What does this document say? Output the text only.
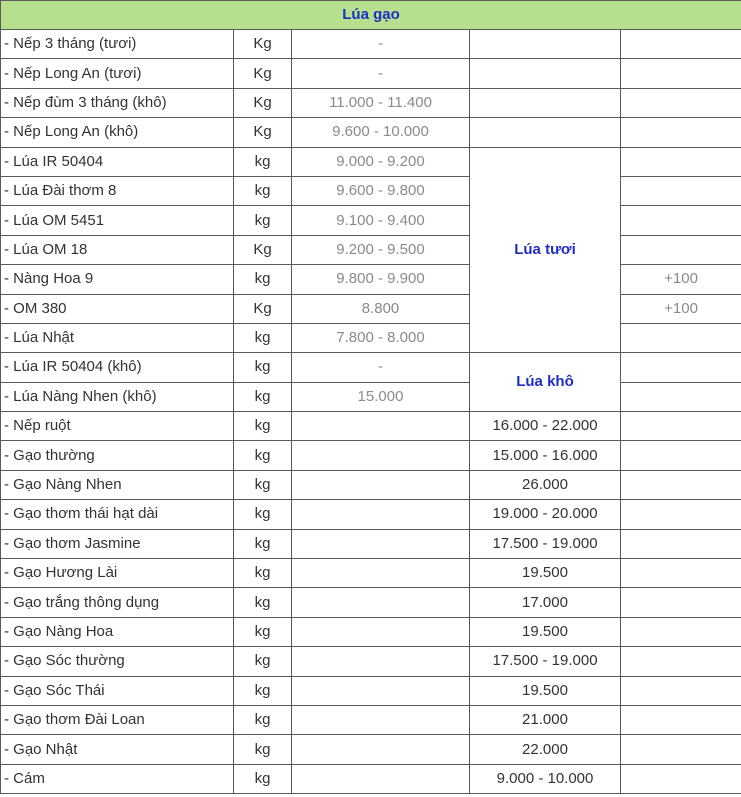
Lúa gạo				
- Nếp 3 tháng (tươi)	Kg	-		
- Nếp Long An (tươi)	Kg	-		
- Nếp đùm 3 tháng (khô)	Kg	11.000 - 11.400		
- Nếp Long An (khô)	Kg	9.600 - 10.000		
- Lúa IR 50404	kg	9.000 - 9.200	Lúa tươi	
- Lúa Đài thơm 8	kg	9.600 - 9.800		
- Lúa OM 5451	kg	9.100 - 9.400		
- Lúa OM 18	Kg	9.200 - 9.500		
- Nàng Hoa 9	kg	9.800 - 9.900		+100
- OM 380	Kg	8.800		+100
- Lúa Nhật	kg	7.800 - 8.000		
- Lúa IR 50404 (khô)	kg	-	Lúa khô	
- Lúa Nàng Nhen (khô)	kg	15.000		
- Nếp ruột	kg		16.000 - 22.000	
- Gạo thường	kg		15.000 - 16.000	
- Gạo Nàng Nhen	kg		26.000	
- Gạo thơm thái hạt dài	kg		19.000 - 20.000	
- Gạo thơm Jasmine	kg		17.500 - 19.000	
- Gạo Hương Lài	kg		19.500	
- Gạo trắng thông dụng	kg		17.000	
- Gạo Nàng Hoa	kg		19.500	
- Gạo Sóc thường	kg		17.500 - 19.000	
- Gạo Sóc Thái	kg		19.500	
- Gạo thơm Đài Loan	kg		21.000	
- Gạo Nhật	kg		22.000	
- Cám	kg		9.000 - 10.000	
